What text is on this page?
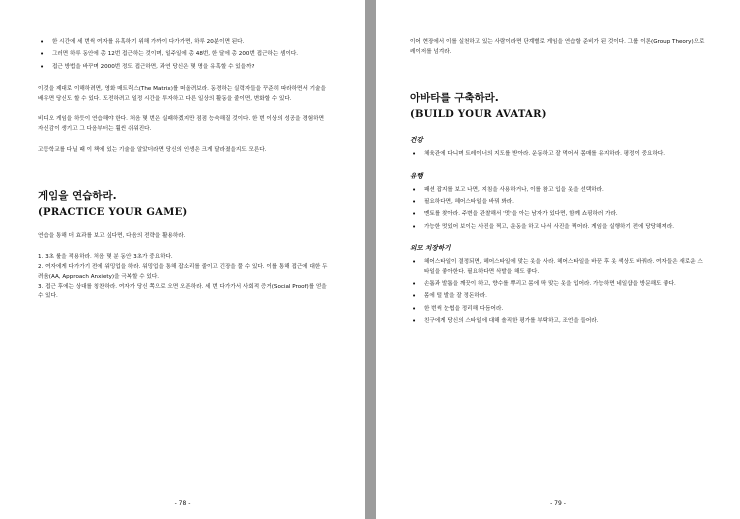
• 한 시간에 세 번씩 여자를 유혹하기 위해 가까이 다가가면, 하루 20분이면 된다.
• 그러면 하루 동안에 총 12번 접근하는 것이며, 일주일에 총 48번, 한 달에 총 200번 접근하는 셈이다.
• 접근 방법을 바꾸며 2000번 정도 접근하면, 과연 당신은 몇 명을 유혹할 수 있을까?

이것을 제대로 이해하려면, 영화 매트릭스(The Matrix)를 떠올려보라. 동경하는 실력자들을 꾸준히 따라하면서 기술을 배우면 당신도 할 수 있다. 도전하려고 일정 시간을 투자하고 다른 일상의 활동을 줄이면, 변화할 수 있다.

비디오 게임을 하듯이 연습해야 한다. 처음 몇 번은 실패하겠지만 점점 능숙해질 것이다. 한 번 이상의 성공을 경험하면 자신감이 생기고 그 다음부터는 훨씬 쉬워진다.

고등학교를 다닐 때 이 책에 있는 기술을 알았더라면 당신의 인생은 크게 달라졌을지도 모른다.

게임을 연습하라.
(PRACTICE YOUR GAME)

연습을 통해 더 효과를 보고 싶다면, 다음의 전략을 활용하라.

1. 3초 룰을 적용하라. 처음 몇 분 동안 3초가 중요하다.
2. 여자에게 다가가기 전에 워밍업을 하라. 워밍업을 통해 잡소리를 줄이고 긴장을 풀 수 있다. 이를 통해 접근에 대한 두려움(AA, Approach Anxiety)을 극복할 수 있다.
3. 접근 후에는 상대를 칭찬하라. 여자가 당신 쪽으로 오면 오픈하라. 세 번 다가가서 사회적 증거(Social Proof)를 얻을 수 있다.
- 78 -

이어 현장에서 이를 실천하고 있는 사람이라면 단계별로 게임을 연습할 준비가 된 것이다. 그룹 이론(Group Theory)으로 레이저를 넘겨라.

아바타를 구축하라.
(BUILD YOUR AVATAR)
건강
• 체육관에 다니며 트레이너의 지도를 받아라. 운동하고 잘 먹어서 몸매를 유지하라. 평정이 중요하다.
유행
• 패션 잡지를 보고 나면, 지침을 사용하거나, 이를 참고 입을 옷을 선택하라.
• 필요하다면, 헤어스타일을 바꿔 봐라.
• 멘토를 찾아라. 주변을 관찰해서 '멋'을 아는 남자가 있다면, 함께 쇼핑하러 가라.
• 가능한 멋있어 보이는 사진을 찍고, 운동을 하고 나서 사진을 찍어라. 게임을 실행하기 전에 당당해져라.
외모 치장하기
• 헤어스타일이 결정되면, 헤어스타일에 맞는 옷을 사라. 헤어스타일을 바꾼 후 옷 색상도 바꿔라. 여자들은 새로운 스타일을 좋아한다. 필요하다면 삭발을 해도 좋다.
• 손톱과 발톱을 깨끗이 하고, 향수를 뿌리고 몸에 딱 맞는 옷을 입어라. 가능하면 네일샵을 방문해도 좋다.
• 몸에 털 발을 잘 정돈하라.
• 한 번씩 눈썹을 정리해 다듬어라.
• 친구에게 당신의 스타일에 대해 솔직한 평가를 부탁하고, 조언을 들어라.
- 79 -
